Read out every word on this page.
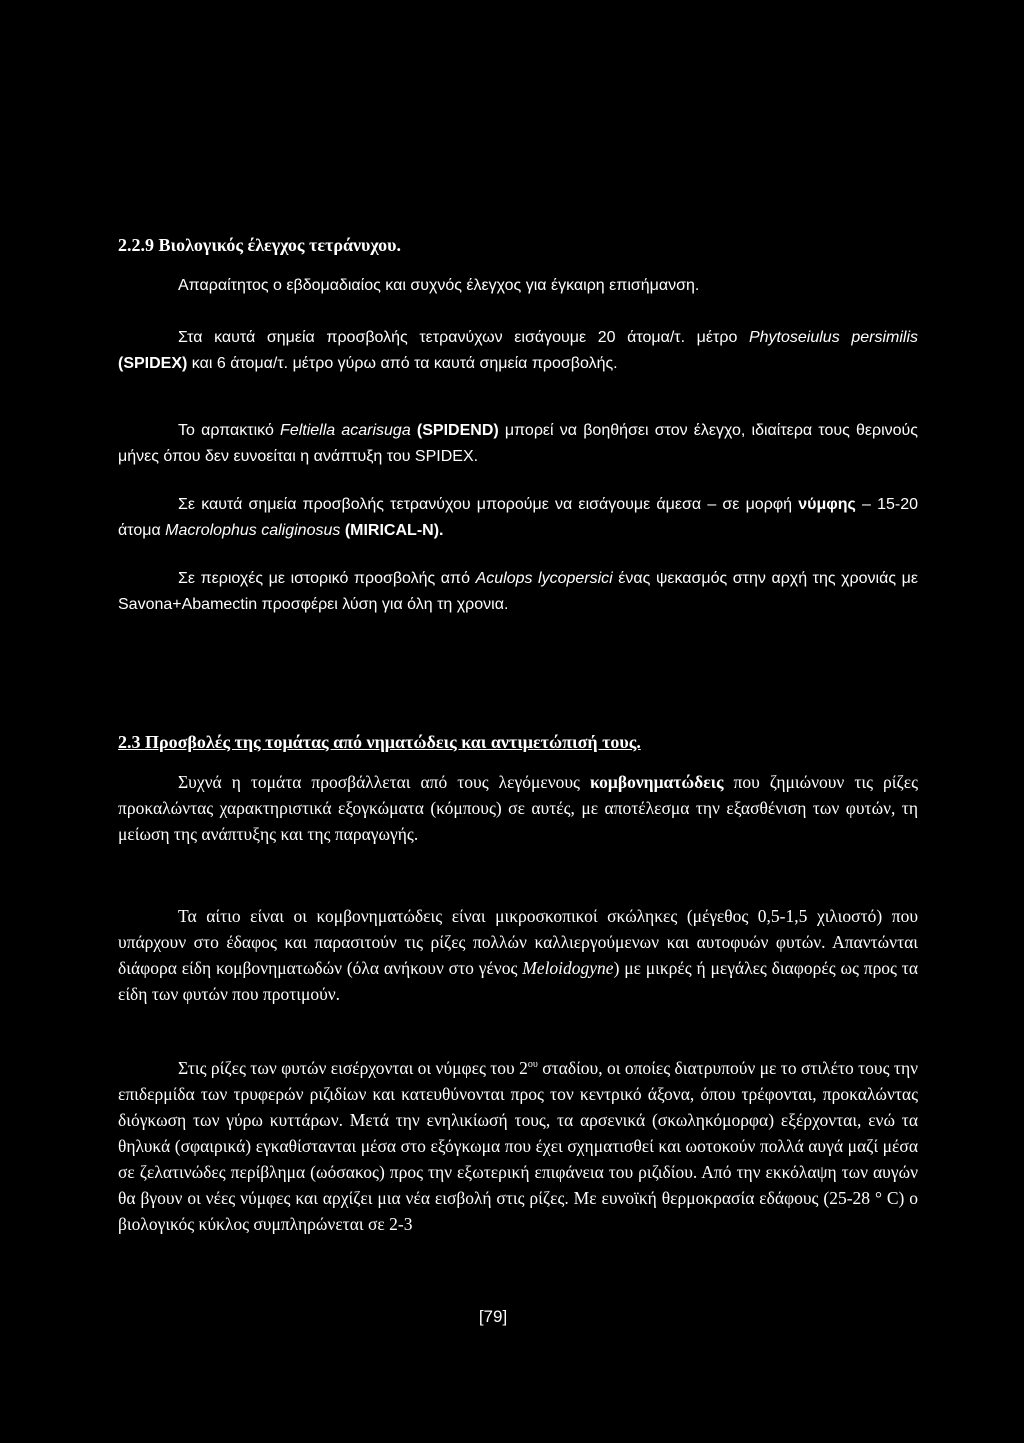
2.2.9 Βιολογικός έλεγχος τετράνυχου.

Απαραίτητος ο εβδομαδιαίος και συχνός έλεγχος για έγκαιρη επισήμανση.

Στα καυτά σημεία προσβολής τετρανύχων εισάγουμε 20 άτομα/τ. μέτρο Phytoseiulus persimilis (SPIDEX) και 6 άτομα/τ. μέτρο γύρω από τα καυτά σημεία προσβολής.

Το αρπακτικό Feltiella acarisuga (SPIDEND) μπορεί να βοηθήσει στον έλεγχο, ιδιαίτερα τους θερινούς μήνες όπου δεν ευνοείται η ανάπτυξη του SPIDEX.

Σε καυτά σημεία προσβολής τετρανύχου μπορούμε να εισάγουμε άμεσα – σε μορφή νύμφης – 15-20 άτομα Macrolophus caliginosus (MIRICAL-N).

Σε περιοχές με ιστορικό προσβολής από Aculops lycopersici ένας ψεκασμός στην αρχή της χρονιάς με Savona+Abamectin προσφέρει λύση για όλη τη χρονια.

2.3 Προσβολές της τομάτας από νηματώδεις και αντιμετώπισή τους.

Συχνά η τομάτα προσβάλλεται από τους λεγόμενους κομβονηματώδεις που ζημιώνουν τις ρίζες προκαλώντας χαρακτηριστικά εξογκώματα (κόμπους) σε αυτές, με αποτέλεσμα την εξασθένιση των φυτών, τη μείωση της ανάπτυξης και της παραγωγής.

Τα αίτιο είναι οι κομβονηματώδεις είναι μικροσκοπικοί σκώληκες (μέγεθος 0,5-1,5 χιλιοστό) που υπάρχουν στο έδαφος και παρασιτούν τις ρίζες πολλών καλλιεργούμενων και αυτοφυών φυτών. Απαντώνται διάφορα είδη κομβονηματωδών (όλα ανήκουν στο γένος Meloidogyne) με μικρές ή μεγάλες διαφορές ως προς τα είδη των φυτών που προτιμούν.

Στις ρίζες των φυτών εισέρχονται οι νύμφες του $2^{o\upsilon}$ σταδίου, οι οποίες διατρυπούν με το στιλέτο τους την επιδερμίδα των τρυφερών ριζιδίων και κατευθύνονται προς τον κεντρικό άξονα, όπου τρέφονται, προκαλώντας διόγκωση των γύρω κυττάρων. Μετά την ενηλικίωσή τους, τα αρσενικά (σκωληκόμορφα) εξέρχονται, ενώ τα θηλυκά (σφαιρικά) εγκαθίστανται μέσα στο εξόγκωμα που έχει σχηματισθεί και ωοτοκούν πολλά αυγά μαζί μέσα σε ζελατινώδες περίβλημα (ωόσακος) προς την εξωτερική επιφάνεια του ριζιδίου. Από την εκκόλαψη των αυγών θα βγουν οι νέες νύμφες και αρχίζει μια νέα εισβολή στις ρίζες. Με ευνοϊκή θερμοκρασία εδάφους (25-28 ° C) ο βιολογικός κύκλος συμπληρώνεται σε 2-3

[79]
